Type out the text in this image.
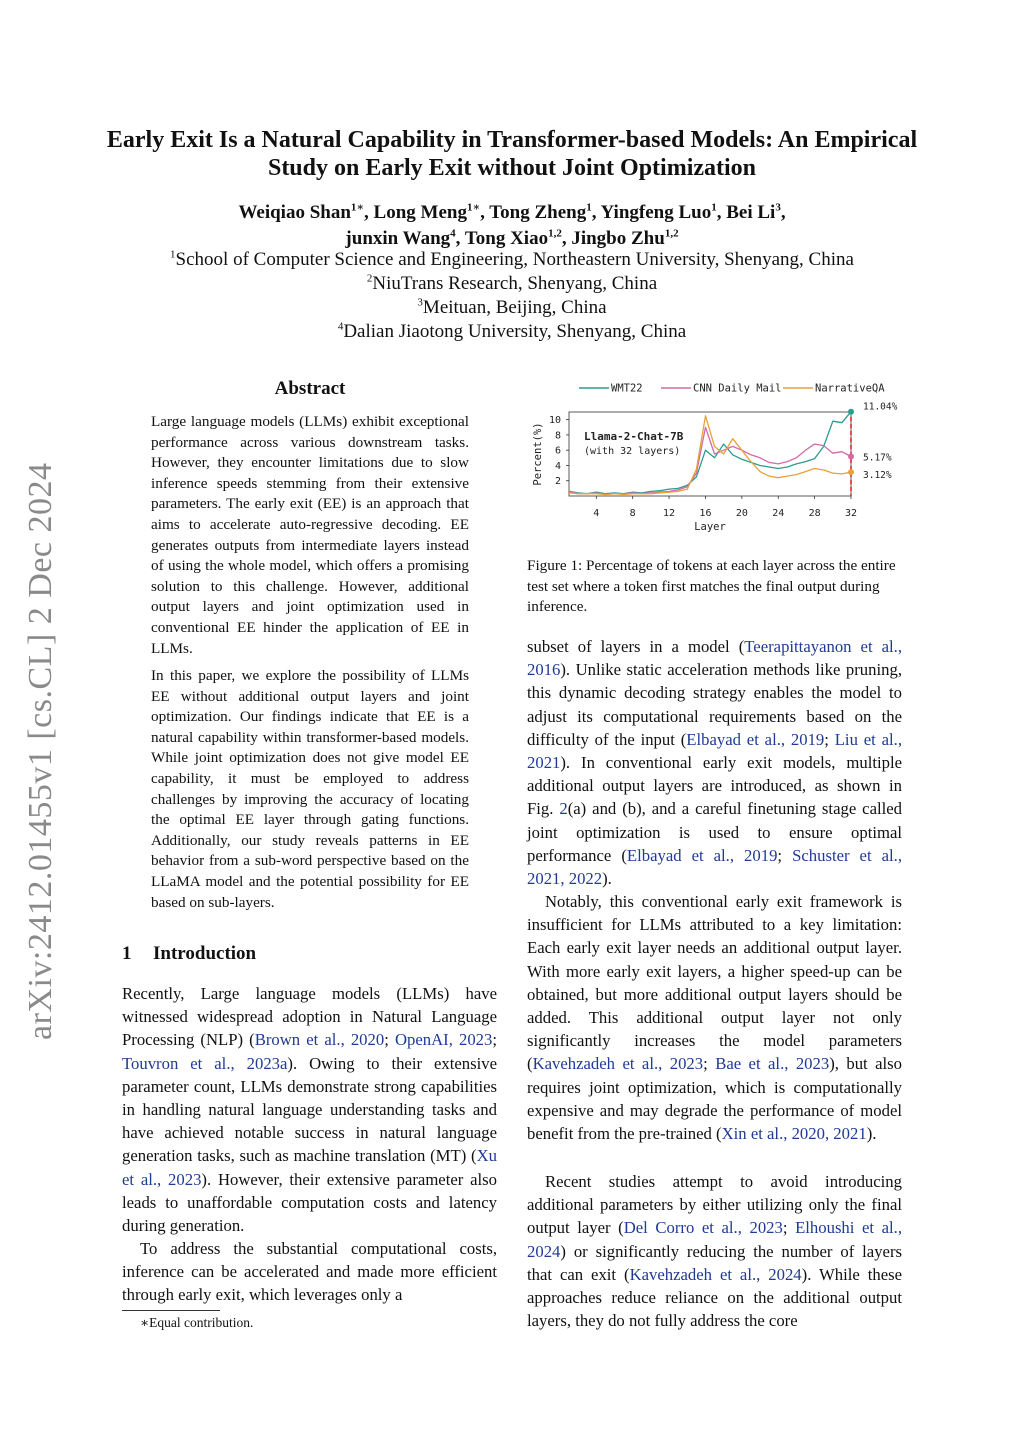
arXiv:2412.01455v1 [cs.CL] 2 Dec 2024
Early Exit Is a Natural Capability in Transformer-based Models: An Empirical Study on Early Exit without Joint Optimization
Weiqiao Shan$^{1∗}$, Long Meng$^{1∗}$, Tong Zheng$^1$, Yingfeng Luo$^1$, Bei Li$^3$,
junxin Wang$^4$, Tong Xiao$^{1,2}$, Jingbo Zhu$^{1,2}$
$^1$School of Computer Science and Engineering, Northeastern University, Shenyang, China
$^2$NiuTrans Research, Shenyang, China
$^3$Meituan, Beijing, China
$^4$Dalian Jiaotong University, Shenyang, China
Abstract
Large language models (LLMs) exhibit exceptional performance across various downstream tasks. However, they encounter limitations due to slow inference speeds stemming from their extensive parameters. The early exit (EE) is an approach that aims to accelerate auto-regressive decoding. EE generates outputs from intermediate layers instead of using the whole model, which offers a promising solution to this challenge. However, additional output layers and joint optimization used in conventional EE hinder the application of EE in LLMs.
In this paper, we explore the possibility of LLMs EE without additional output layers and joint optimization. Our findings indicate that EE is a natural capability within transformer-based models. While joint optimization does not give model EE capability, it must be employed to address challenges by improving the accuracy of locating the optimal EE layer through gating functions. Additionally, our study reveals patterns in EE behavior from a sub-word perspective based on the LLaMA model and the potential possibility for EE based on sub-layers.
1 Introduction
Recently, Large language models (LLMs) have witnessed widespread adoption in Natural Language Processing (NLP) (Brown et al., 2020; OpenAI, 2023; Touvron et al., 2023a). Owing to their extensive parameter count, LLMs demonstrate strong capabilities in handling natural language understanding tasks and have achieved notable success in natural language generation tasks, such as machine translation (MT) (Xu et al., 2023). However, their extensive parameter also leads to unaffordable computation costs and latency during generation.
To address the substantial computational costs, inference can be accelerated and made more efficient through early exit, which leverages only a
∗Equal contribution.
WMT22	CNN Daily Mail	NarrativeQA
4	8	12 16 20 24 28 32
2
4
6
8
10
Layer
Percent(%)
11.04%
5.17%
3.12%
Llama-2-Chat-7B
(with 32 layers)
Figure 1: Percentage of tokens at each layer across the entire test set where a token first matches the final output during inference.
subset of layers in a model (Teerapittayanon et al., 2016). Unlike static acceleration methods like pruning, this dynamic decoding strategy enables the model to adjust its computational requirements based on the difficulty of the input (Elbayad et al., 2019; Liu et al., 2021). In conventional early exit models, multiple additional output layers are introduced, as shown in Fig. 2(a) and (b), and a careful finetuning stage called joint optimization is used to ensure optimal performance (Elbayad et al., 2019; Schuster et al., 2021, 2022).
Notably, this conventional early exit framework is insufficient for LLMs attributed to a key limitation: Each early exit layer needs an additional output layer. With more early exit layers, a higher speed-up can be obtained, but more additional output layers should be added. This additional output layer not only significantly increases the model parameters (Kavehzadeh et al., 2023; Bae et al., 2023), but also requires joint optimization, which is computationally expensive and may degrade the performance of model benefit from the pre-trained (Xin et al., 2020, 2021).
Recent studies attempt to avoid introducing additional parameters by either utilizing only the final output layer (Del Corro et al., 2023; Elhoushi et al., 2024) or significantly reducing the number of layers that can exit (Kavehzadeh et al., 2024). While these approaches reduce reliance on the additional output layers, they do not fully address the core
